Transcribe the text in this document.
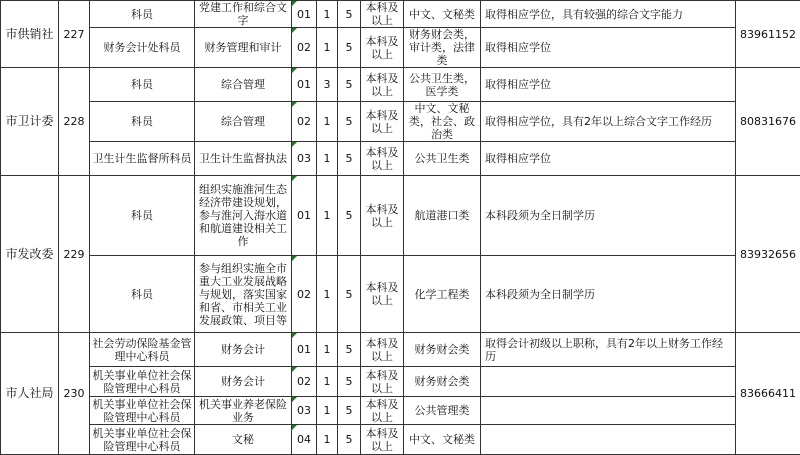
市供销社	227	科员	党建工作和综合文字	01	1	5	本科及以上	中文、文秘类	取得相应学位，具有较强的综合文字能力	83961152
		财务会计处科员	财务管理和审计	02	1	5	本科及以上	财务财会类，审计类，法律类	取得相应学位	
市卫计委	228	科员	综合管理	01	3	5	本科及以上	公共卫生类，医学类	取得相应学位	80831676
		科员	综合管理	02	1	5	本科及以上	中文、文秘类，社会、政治类	取得相应学位，具有2年以上综合文字工作经历	
		卫生计生监督所科员	卫生计生监督执法	03	1	5	本科及以上	公共卫生类	取得相应学位	
市发改委	229	科员	组织实施淮河生态经济带建设规划，参与淮河入海水道和航道建设相关工作	01	1	5	本科及以上	航道港口类	本科段须为全日制学历	83932656
		科员	参与组织实施全市重大工业发展战略与规划，落实国家和省、市相关工业发展政策、项目等	02	1	5	本科及以上	化学工程类	本科段须为全日制学历	
市人社局	230	社会劳动保险基金管理中心科员	财务会计	01	1	5	本科及以上	财务财会类	取得会计初级以上职称，具有2年以上财务工作经历	83666411
		机关事业单位社会保险管理中心科员	财务会计	02	1	5	本科及以上	财务财会类		
		机关事业单位社会保险管理中心科员	机关事业养老保险业务	03	1	5	本科及以上	公共管理类		
		机关事业单位社会保险管理中心科员	文秘	04	1	5	本科及以上	中文、文秘类		
